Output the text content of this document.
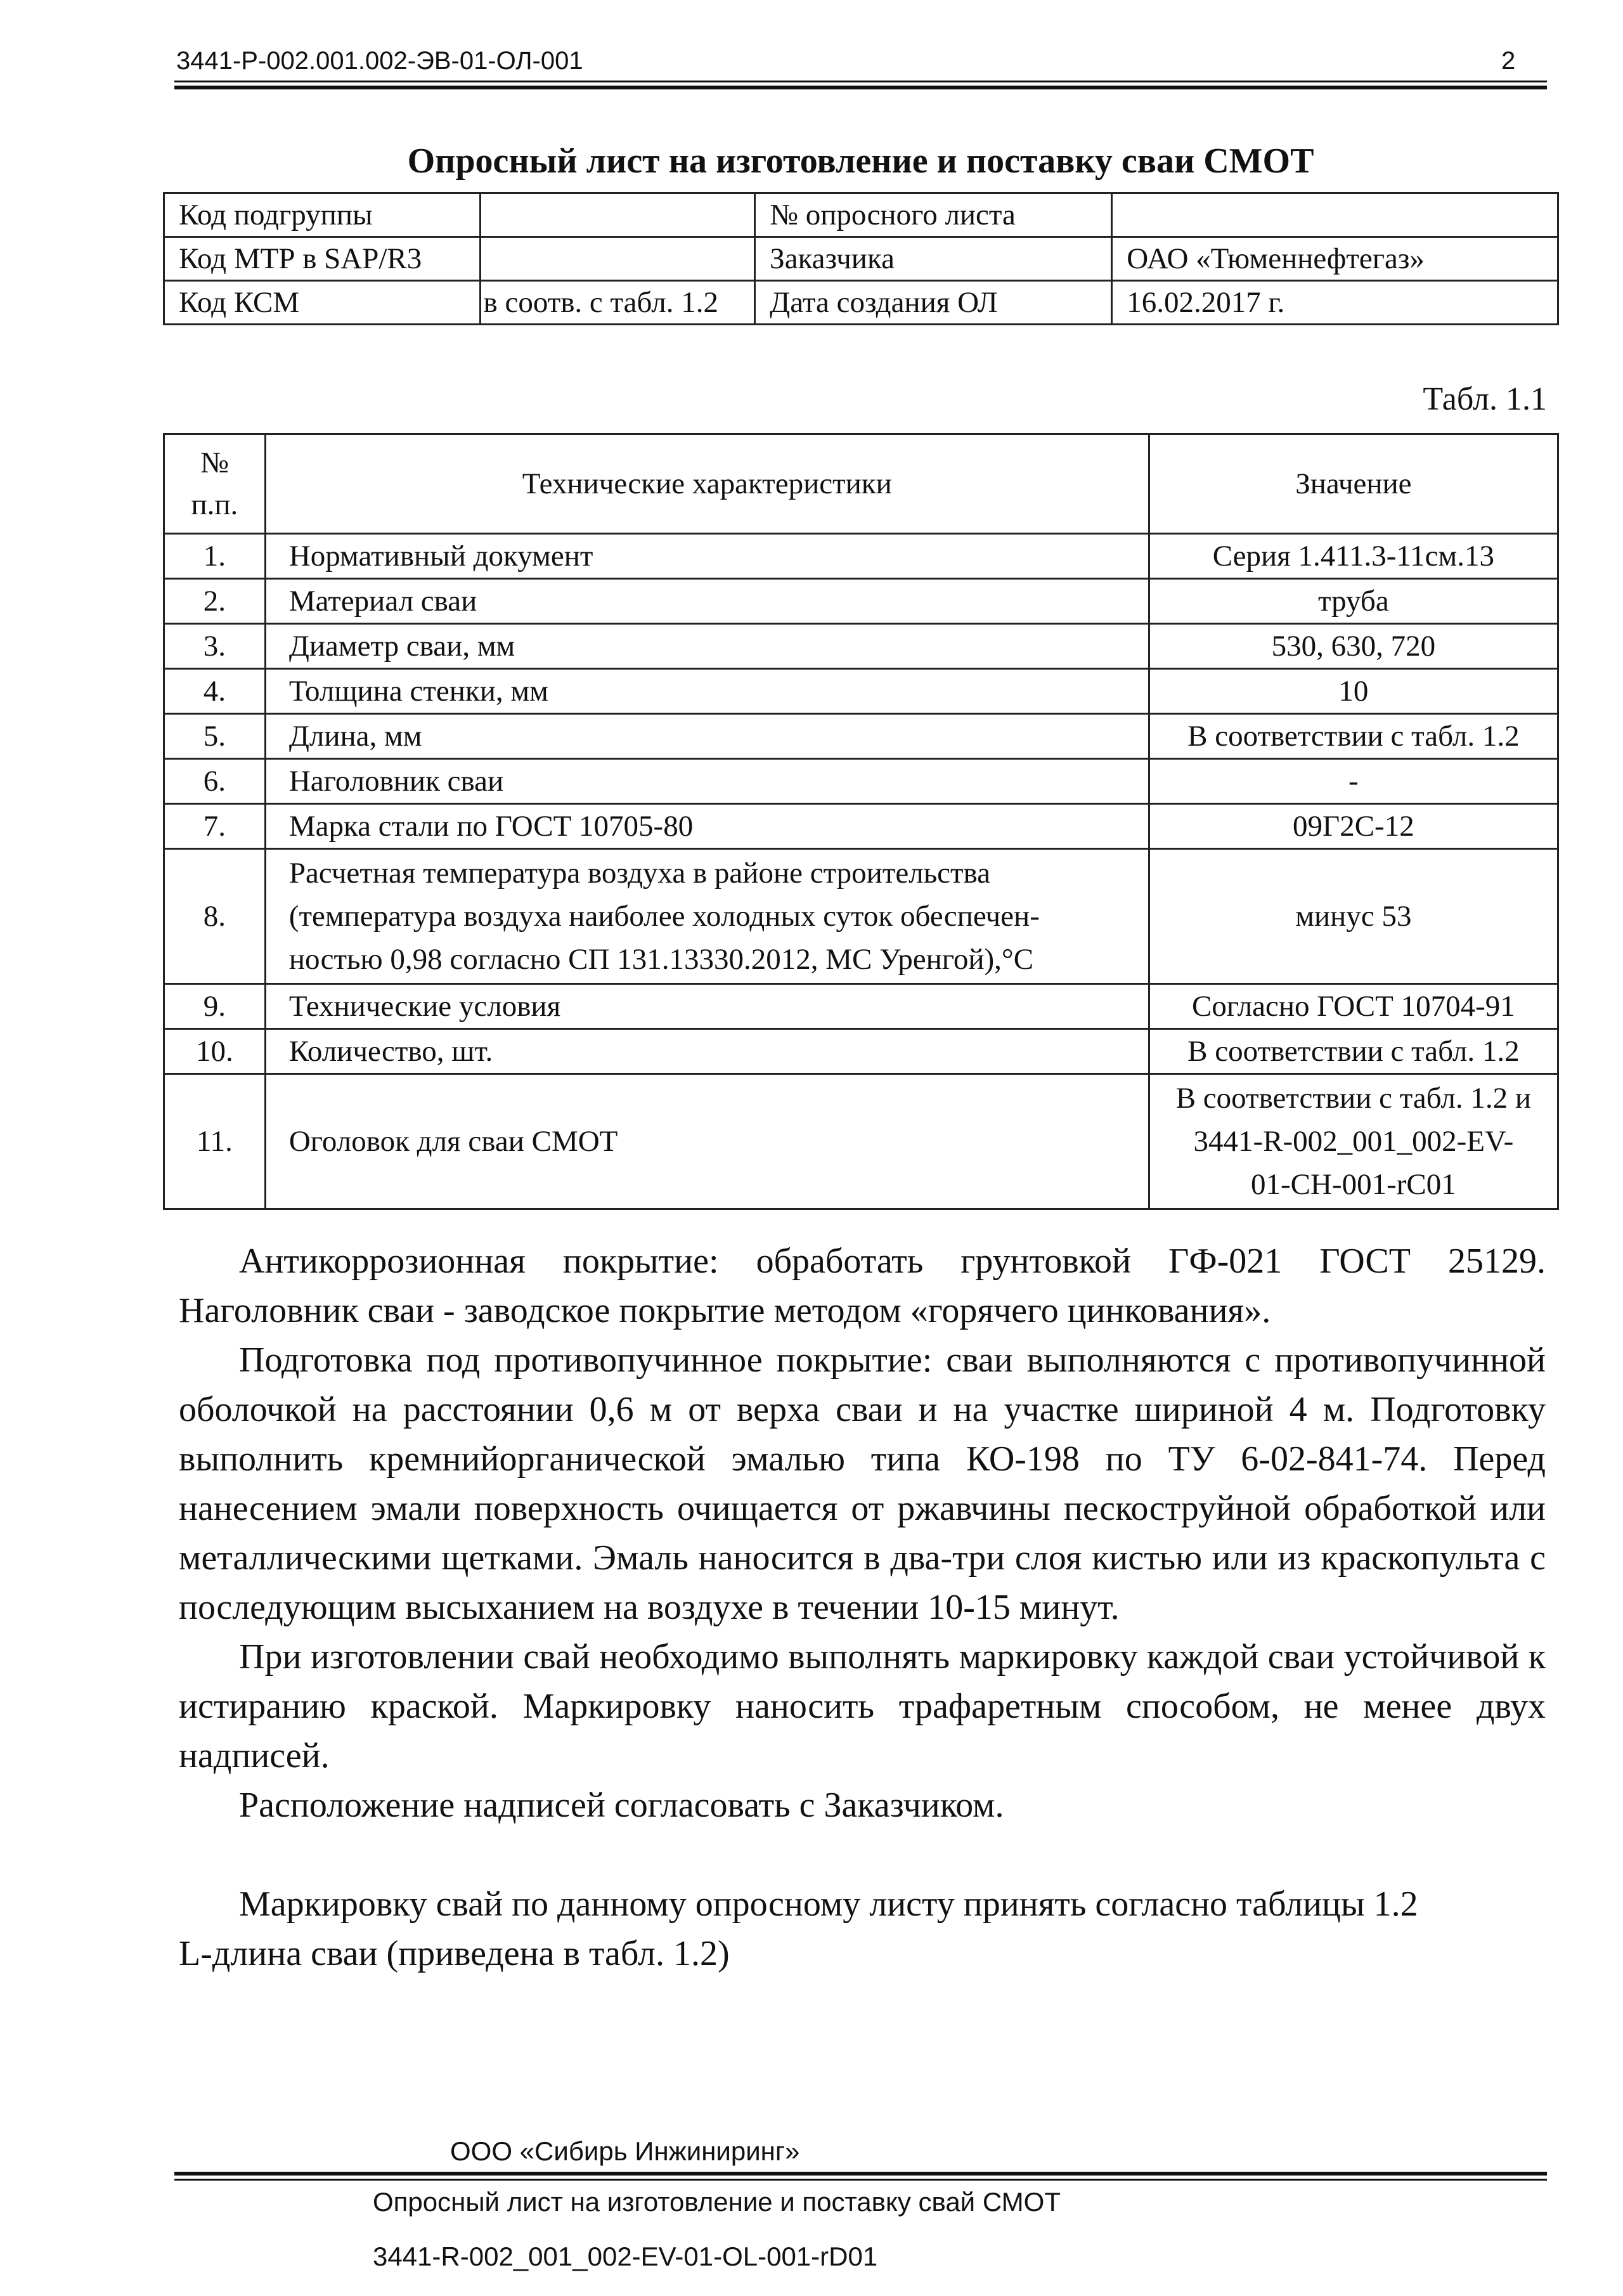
3441-Р-002.001.002-ЭВ-01-ОЛ-001	2
Опросный лист на изготовление и поставку сваи СМОТ
Код подгруппы		№ опросного листа	
Код МТР в SAP/R3		Заказчика	ОАО «Тюменнефтегаз»
Код КСМ	в соотв. с табл. 1.2	Дата создания ОЛ	16.02.2017 г.
Табл. 1.1
№
п.п.	Технические характеристики	Значение
1.	Нормативный документ	Серия 1.411.3-11см.13
2.	Материал сваи	труба
3.	Диаметр сваи, мм	530, 630, 720
4.	Толщина стенки, мм	10
5.	Длина, мм	В соответствии с табл. 1.2
6.	Наголовник сваи	-
7.	Марка стали по ГОСТ 10705-80	09Г2С-12
8.	Расчетная температура воздуха в районе строительства
(температура воздуха наиболее холодных суток обеспечен-
ностью 0,98 согласно СП 131.13330.2012, МС Уренгой),°С	минус 53
9.	Технические условия	Согласно ГОСТ 10704-91
10.	Количество, шт.	В соответствии с табл. 1.2
11.	Оголовок для сваи СМОТ	В соответствии с табл. 1.2 и
3441-R-002_001_002-EV-
01-CH-001-rC01

Антикоррозионная покрытие: обработать грунтовкой ГФ-021 ГОСТ 25129. Наголовник сваи - заводское покрытие методом «горячего цинкования».

Подготовка под противопучинное покрытие: сваи выполняются с противопучинной оболочкой на расстоянии 0,6 м от верха сваи и на участке шириной 4 м. Подготовку выполнить кремнийорганической эмалью типа КО-198 по ТУ 6-02-841-74. Перед нанесением эмали поверхность очищается от ржавчины пескоструйной обработкой или металлическими щетками. Эмаль наносится в два-три слоя кистью или из краскопульта с последующим высыханием на воздухе в течении 10-15 минут.

При изготовлении свай необходимо выполнять маркировку каждой сваи устойчивой к истиранию краской. Маркировку наносить трафаретным способом, не менее двух надписей.

Расположение надписей согласовать с Заказчиком.

Маркировку свай по данному опросному листу принять согласно таблицы 1.2

L-длина сваи (приведена в табл. 1.2)

ООО «Сибирь Инжиниринг»
Опросный лист на изготовление и поставку свай СМОТ
3441-R-002_001_002-EV-01-OL-001-rD01
